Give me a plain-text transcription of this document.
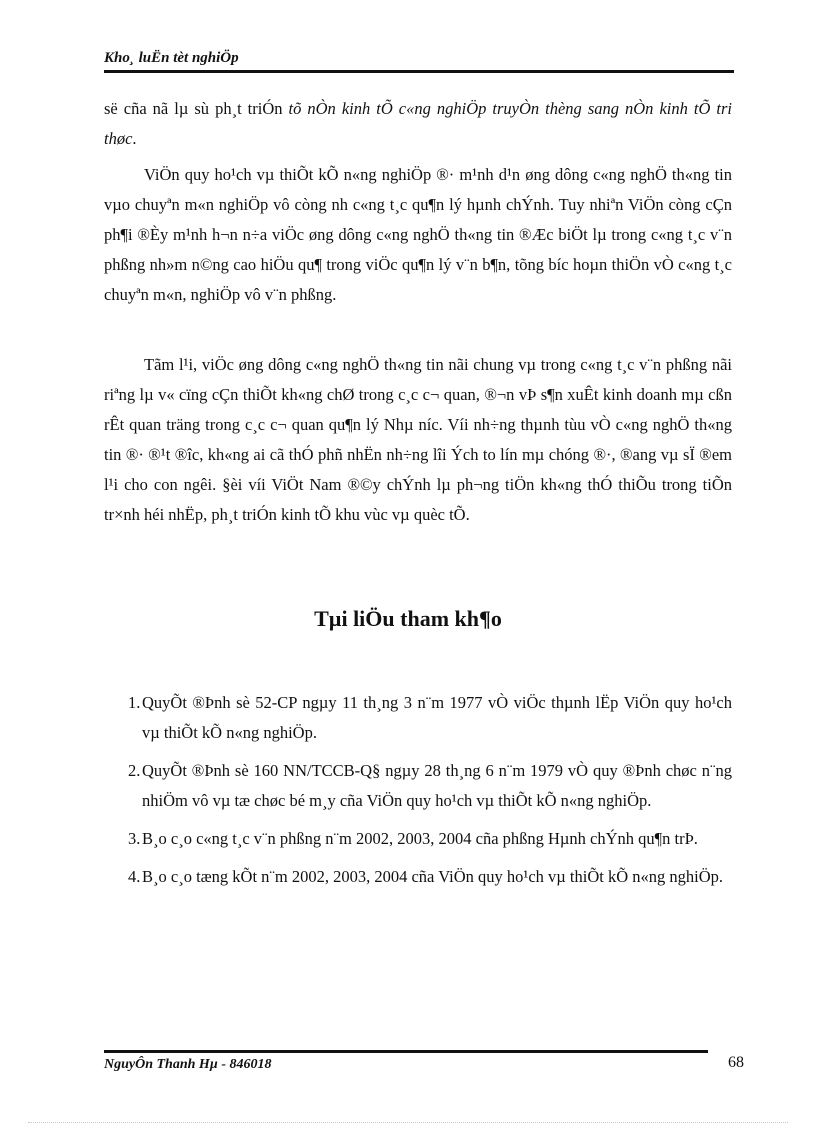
Kho¸ luËn tèt nghiÖp
së cña nã lµ sù ph¸t triÓn tõ nÒn kinh tÕ c«ng nghiÖp truyÒn thèng sang nÒn kinh tÕ tri thøc.
ViÖn quy ho¹ch vµ thiÕt kÕ n«ng nghiÖp ®· m¹nh d¹n øng dông c«ng nghÖ th«ng tin vµo chuyªn m«n nghiÖp vô còng nh c«ng t¸c qu¶n lý hµnh chÝnh. Tuy nhiªn ViÖn còng cÇn ph¶i ®Èy m¹nh h¬n n÷a viÖc øng dông c«ng nghÖ th«ng tin ®Æc biÖt lµ trong c«ng t¸c v¨n phßng nh»m n©ng cao hiÖu qu¶ trong viÖc qu¶n lý v¨n b¶n, tõng bíc hoµn thiÖn vÒ c«ng t¸c chuyªn m«n, nghiÖp vô v¨n phßng.
Tãm l¹i, viÖc øng dông c«ng nghÖ th«ng tin nãi chung vµ trong c«ng t¸c v¨n phßng nãi riªng lµ v« cïng cÇn thiÕt kh«ng chØ trong c¸c c¬ quan, ®¬n vÞ s¶n xuÊt kinh doanh mµ cßn rÊt quan träng trong c¸c c¬ quan qu¶n lý Nhµ níc. Víi nh÷ng thµnh tùu vÒ c«ng nghÖ th«ng tin ®· ®¹t ®îc, kh«ng ai cã thÓ phñ nhËn nh÷ng lîi Ých to lín mµ chóng ®·, ®ang vµ sÏ ®em l¹i cho con ngêi. §èi víi ViÖt Nam ®©y chÝnh lµ ph¬ng tiÖn kh«ng thÓ thiÕu trong tiÕn tr×nh héi nhËp, ph¸t triÓn kinh tÕ khu vùc vµ quèc tÕ.
Tµi liÖu tham kh¶o
1. QuyÕt ®Þnh sè 52-CP ngµy 11 th¸ng 3 n¨m 1977 vÒ viÖc thµnh lËp ViÖn quy ho¹ch vµ thiÕt kÕ n«ng nghiÖp.
2. QuyÕt ®Þnh sè 160 NN/TCCB-Q§ ngµy 28 th¸ng 6 n¨m 1979 vÒ quy ®Þnh chøc n¨ng nhiÖm vô vµ tæ chøc bé m¸y cña ViÖn quy ho¹ch vµ thiÕt kÕ n«ng nghiÖp.
3. B¸o c¸o c«ng t¸c v¨n phßng n¨m 2002, 2003, 2004 cña phßng Hµnh chÝnh qu¶n trÞ.
4. B¸o c¸o tæng kÕt n¨m 2002, 2003, 2004 cña ViÖn quy ho¹ch vµ thiÕt kÕ n«ng nghiÖp.
NguyÔn Thanh Hµ - 846018	68
